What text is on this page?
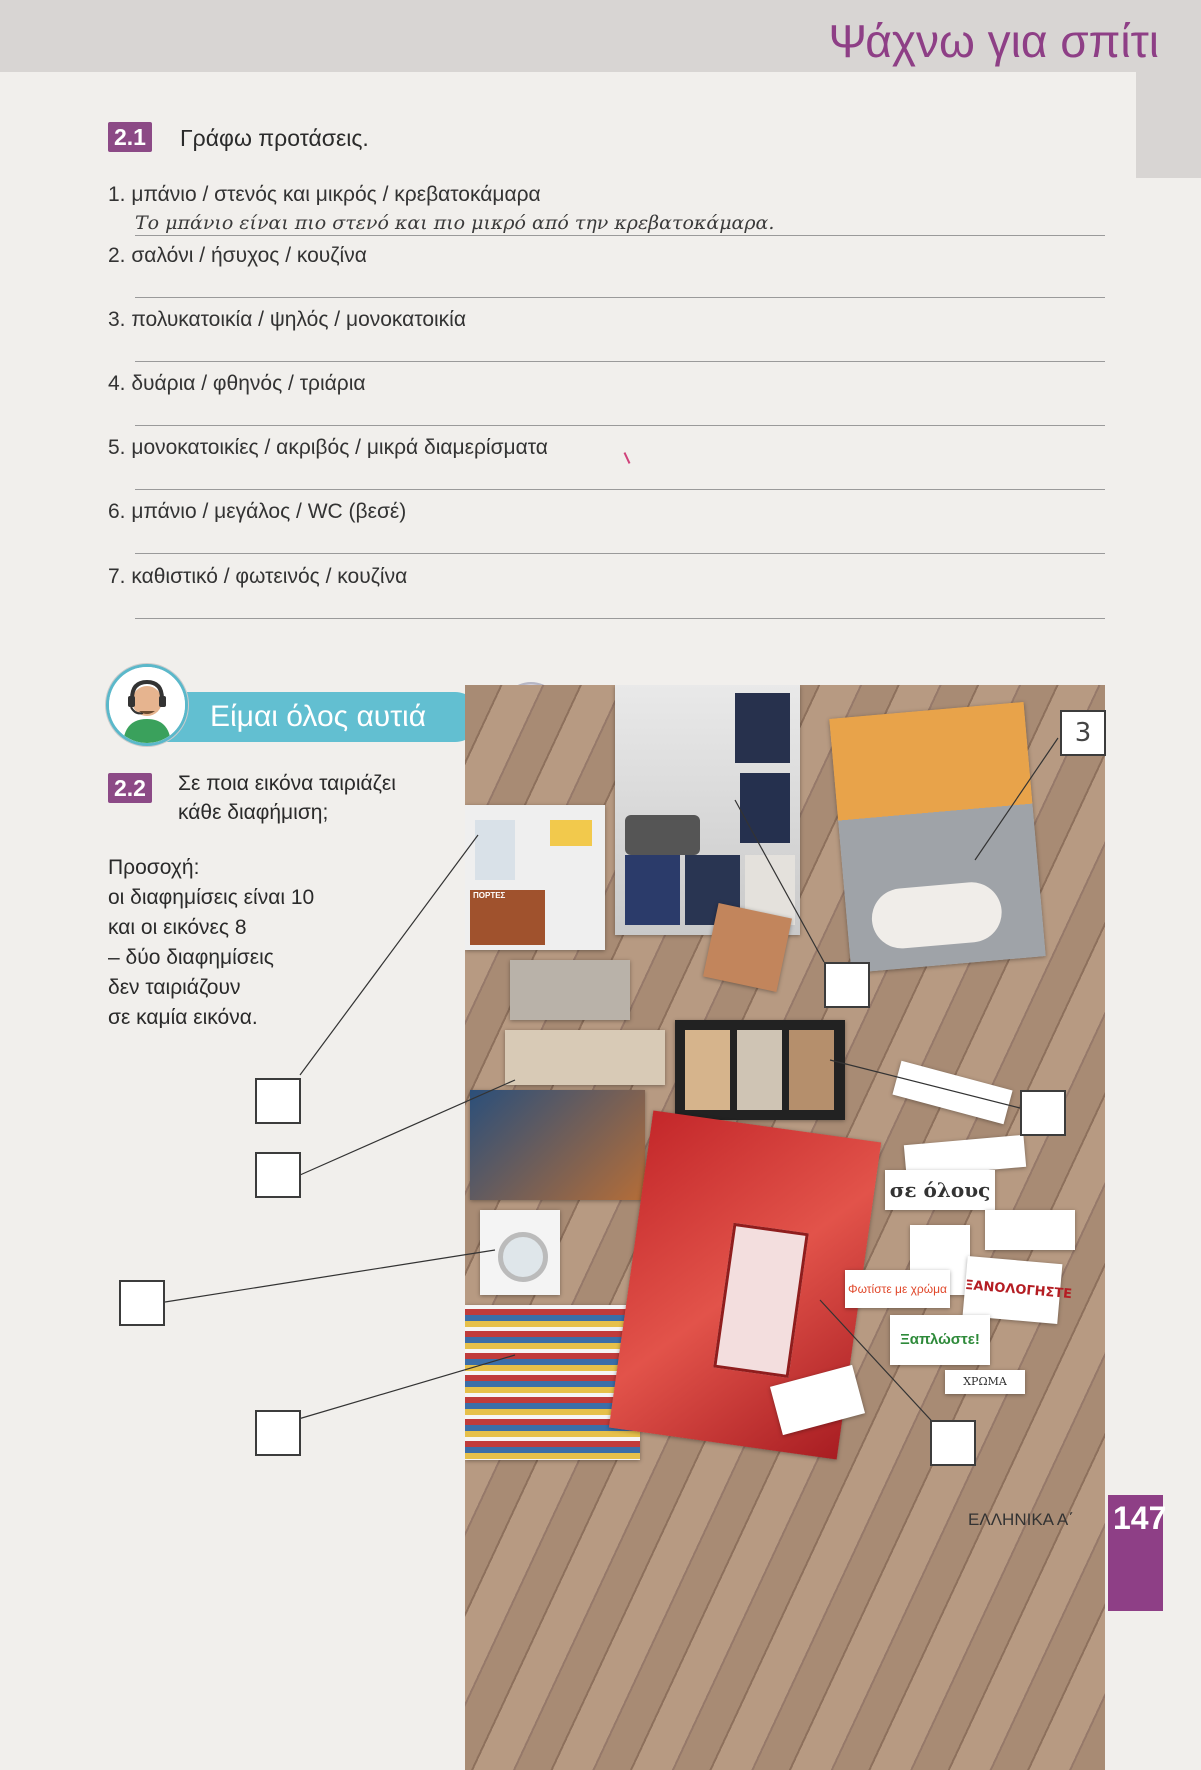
Ψάχνω για σπίτι
2.1 Γράφω προτάσεις.
1. μπάνιο / στενός και μικρός / κρεβατοκάμαρα
Το μπάνιο είναι πιο στενό και πιο μικρό από την κρεβατοκάμαρα.
2. σαλόνι / ήσυχος / κουζίνα
3. πολυκατοικία / ψηλός / μονοκατοικία
4. δυάρια / φθηνός / τριάρια
5. μονοκατοικίες / ακριβός / μικρά διαμερίσματα
6. μπάνιο / μεγάλος / WC (βεσέ)
7. καθιστικό / φωτεινός / κουζίνα
Είμαι όλος αυτιά
2.2 Σε ποια εικόνα ταιριάζει
κάθε διαφήμιση;
Προσοχή:
οι διαφημίσεις είναι 10
και οι εικόνες 8
– δύο διαφημίσεις
δεν ταιριάζουν
σε καμία εικόνα.
ΠΟΡΤΕΣ
σε όλους
Φωτίστε με χρώμα ΞΑΝΟΛΟΓΗΣΤΕ
Ξαπλώστε!
ΧΡΩΜΑ
3
ΕΛΛΗΝΙΚΑ Α΄ 147
